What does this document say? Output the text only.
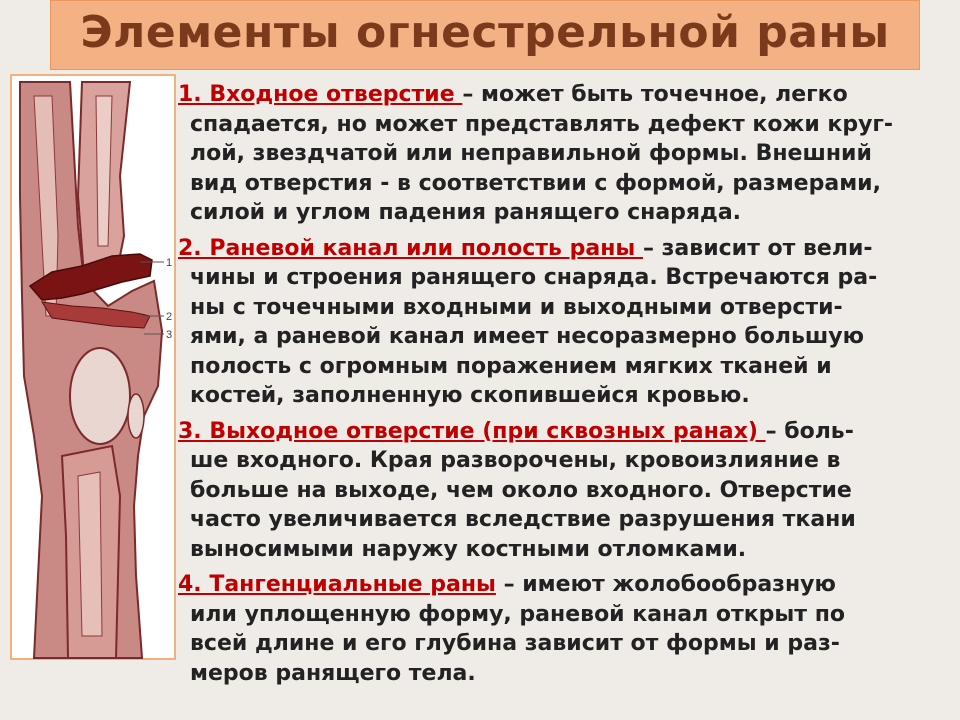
Элементы огнестрельной раны
1
2
3
1. Входное отверстие – может быть точечное, легко
спадается, но может представлять дефект кожи круг-
лой, звездчатой или неправильной формы. Внешний
вид отверстия - в соответствии с формой, размерами,
силой и углом падения ранящего снаряда.
2. Раневой канал или полость раны – зависит от вели-
чины и строения ранящего снаряда. Встречаются ра-
ны с точечными входными и выходными отверсти-
ями, а раневой канал имеет несоразмерно большую
полость с огромным поражением мягких тканей и
костей, заполненную скопившейся кровью.
3. Выходное отверстие (при сквозных ранах) – боль-
ше входного. Края разворочены, кровоизлияние в
больше на выходе, чем около входного. Отверстие
часто увеличивается вследствие разрушения ткани
выносимыми наружу костными отломками.
4. Тангенциальные раны – имеют жолобообразную
или уплощенную форму, раневой канал открыт по
всей длине и его глубина зависит от формы и раз-
меров ранящего тела.
